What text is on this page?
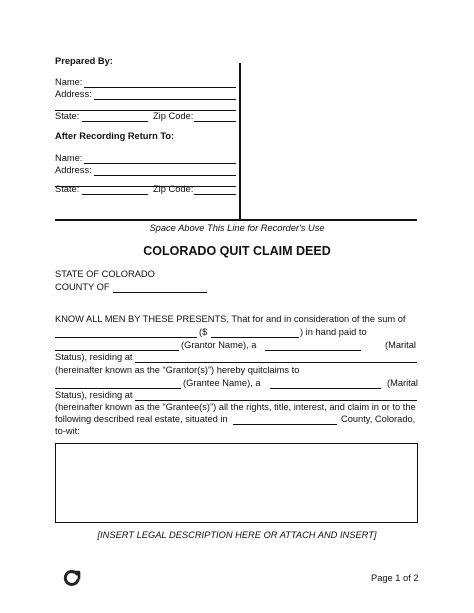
Prepared By:
Name:
Address:
State:	Zip Code:
After Recording Return To:
Name:
Address:
State:	Zip Code:
Space Above This Line for Recorder's Use
COLORADO QUIT CLAIM DEED
STATE OF COLORADO
COUNTY OF
KNOW ALL MEN BY THESE PRESENTS, That for and in consideration of the sum of
($	) in hand paid to
(Grantor Name), a	(Marital
Status), residing at
(hereinafter known as the “Grantor(s)”) hereby quitclaims to
(Grantee Name), a	(Marital
Status), residing at
(hereinafter known as the “Grantee(s)”) all the rights, title, interest, and claim in or to the
following described real estate, situated in	County, Colorado,
to-wit:
[INSERT LEGAL DESCRIPTION HERE OR ATTACH AND INSERT]
Page 1 of 2
